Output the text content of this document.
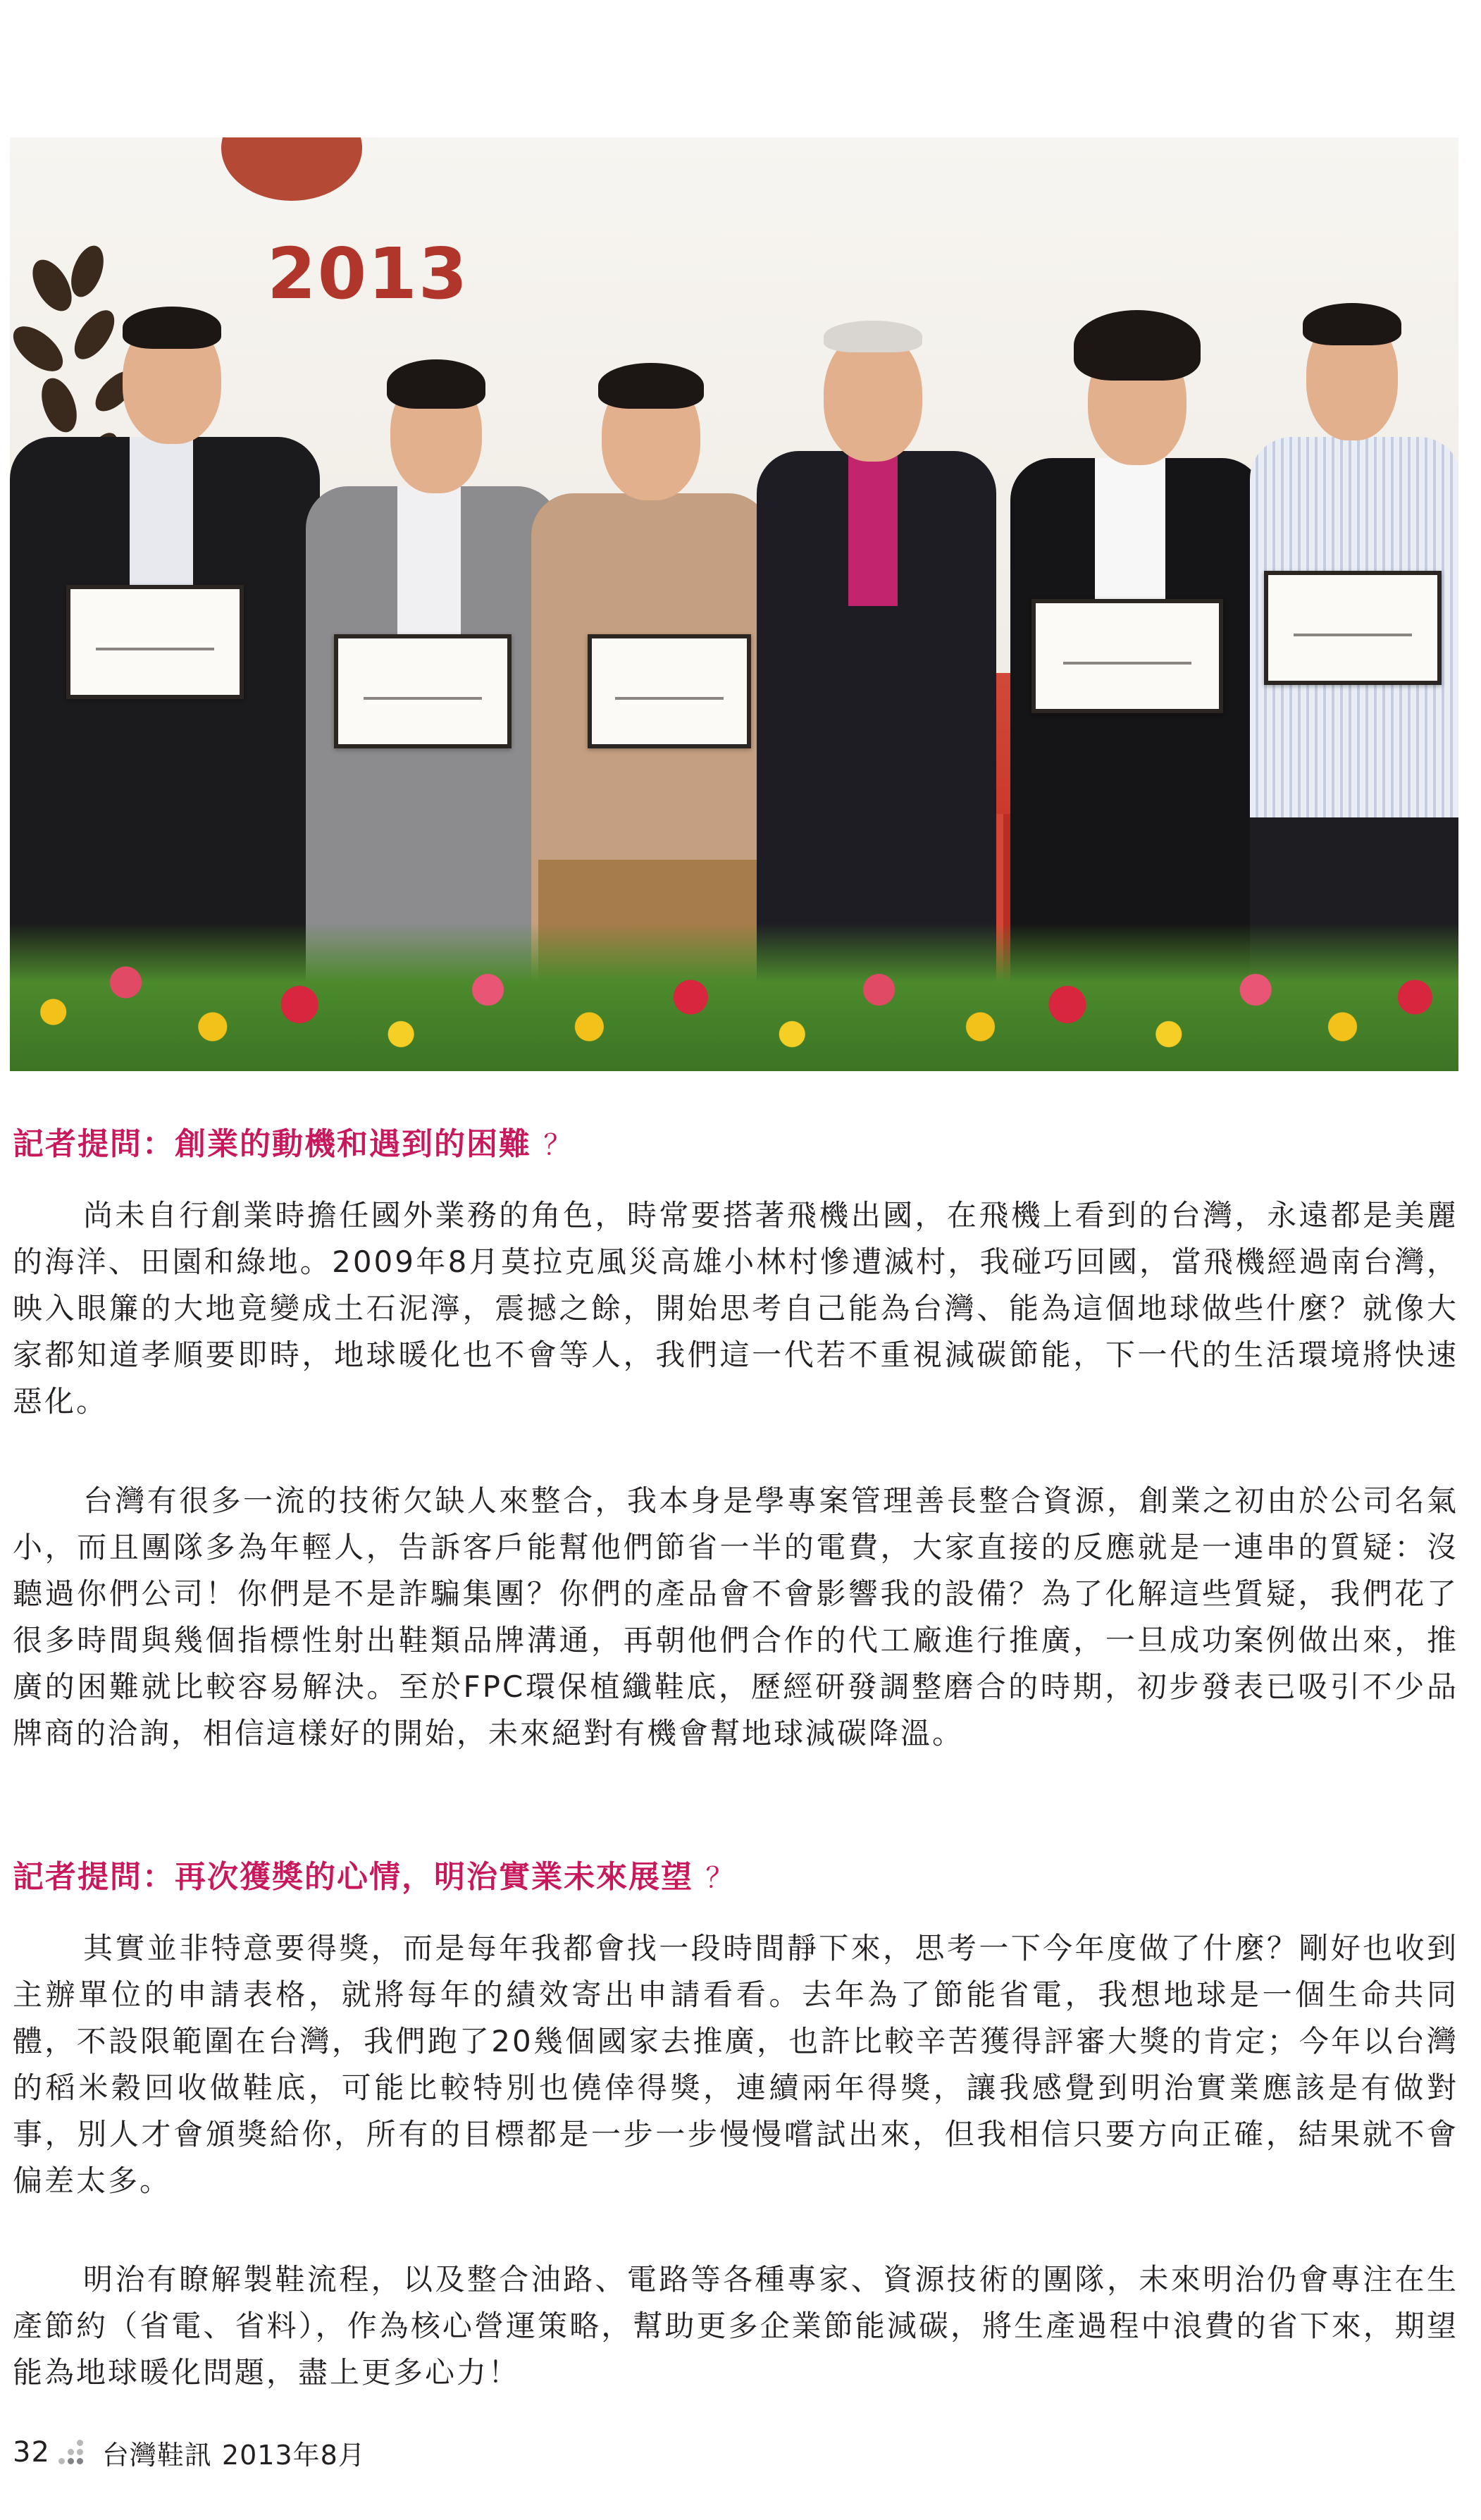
2013
記者提問：創業的動機和遇到的困難 ？

尚未自行創業時擔任國外業務的角色，時常要搭著飛機出國，在飛機上看到的台灣，永遠都是美麗的海洋、田園和綠地。2009年8月莫拉克風災高雄小林村慘遭滅村，我碰巧回國，當飛機經過南台灣，映入眼簾的大地竟變成土石泥濘，震撼之餘，開始思考自己能為台灣、能為這個地球做些什麼？就像大家都知道孝順要即時，地球暖化也不會等人，我們這一代若不重視減碳節能，下一代的生活環境將快速惡化。

台灣有很多一流的技術欠缺人來整合，我本身是學專案管理善長整合資源，創業之初由於公司名氣小，而且團隊多為年輕人，告訴客戶能幫他們節省一半的電費，大家直接的反應就是一連串的質疑：沒聽過你們公司！你們是不是詐騙集團？你們的產品會不會影響我的設備？為了化解這些質疑，我們花了很多時間與幾個指標性射出鞋類品牌溝通，再朝他們合作的代工廠進行推廣，一旦成功案例做出來，推廣的困難就比較容易解決。至於FPC環保植纖鞋底，歷經研發調整磨合的時期，初步發表已吸引不少品牌商的洽詢，相信這樣好的開始，未來絕對有機會幫地球減碳降溫。

記者提問：再次獲獎的心情，明治實業未來展望 ？

其實並非特意要得獎，而是每年我都會找一段時間靜下來，思考一下今年度做了什麼？剛好也收到主辦單位的申請表格，就將每年的績效寄出申請看看。去年為了節能省電，我想地球是一個生命共同體，不設限範圍在台灣，我們跑了20幾個國家去推廣，也許比較辛苦獲得評審大獎的肯定；今年以台灣的稻米穀回收做鞋底，可能比較特別也僥倖得獎，連續兩年得獎，讓我感覺到明治實業應該是有做對事，別人才會頒獎給你，所有的目標都是一步一步慢慢嚐試出來，但我相信只要方向正確，結果就不會偏差太多。

明治有瞭解製鞋流程，以及整合油路、電路等各種專家、資源技術的團隊，未來明治仍會專注在生產節約（省電、省料），作為核心營運策略，幫助更多企業節能減碳，將生產過程中浪費的省下來，期望能為地球暖化問題，盡上更多心力！

32 台灣鞋訊 2013年8月
